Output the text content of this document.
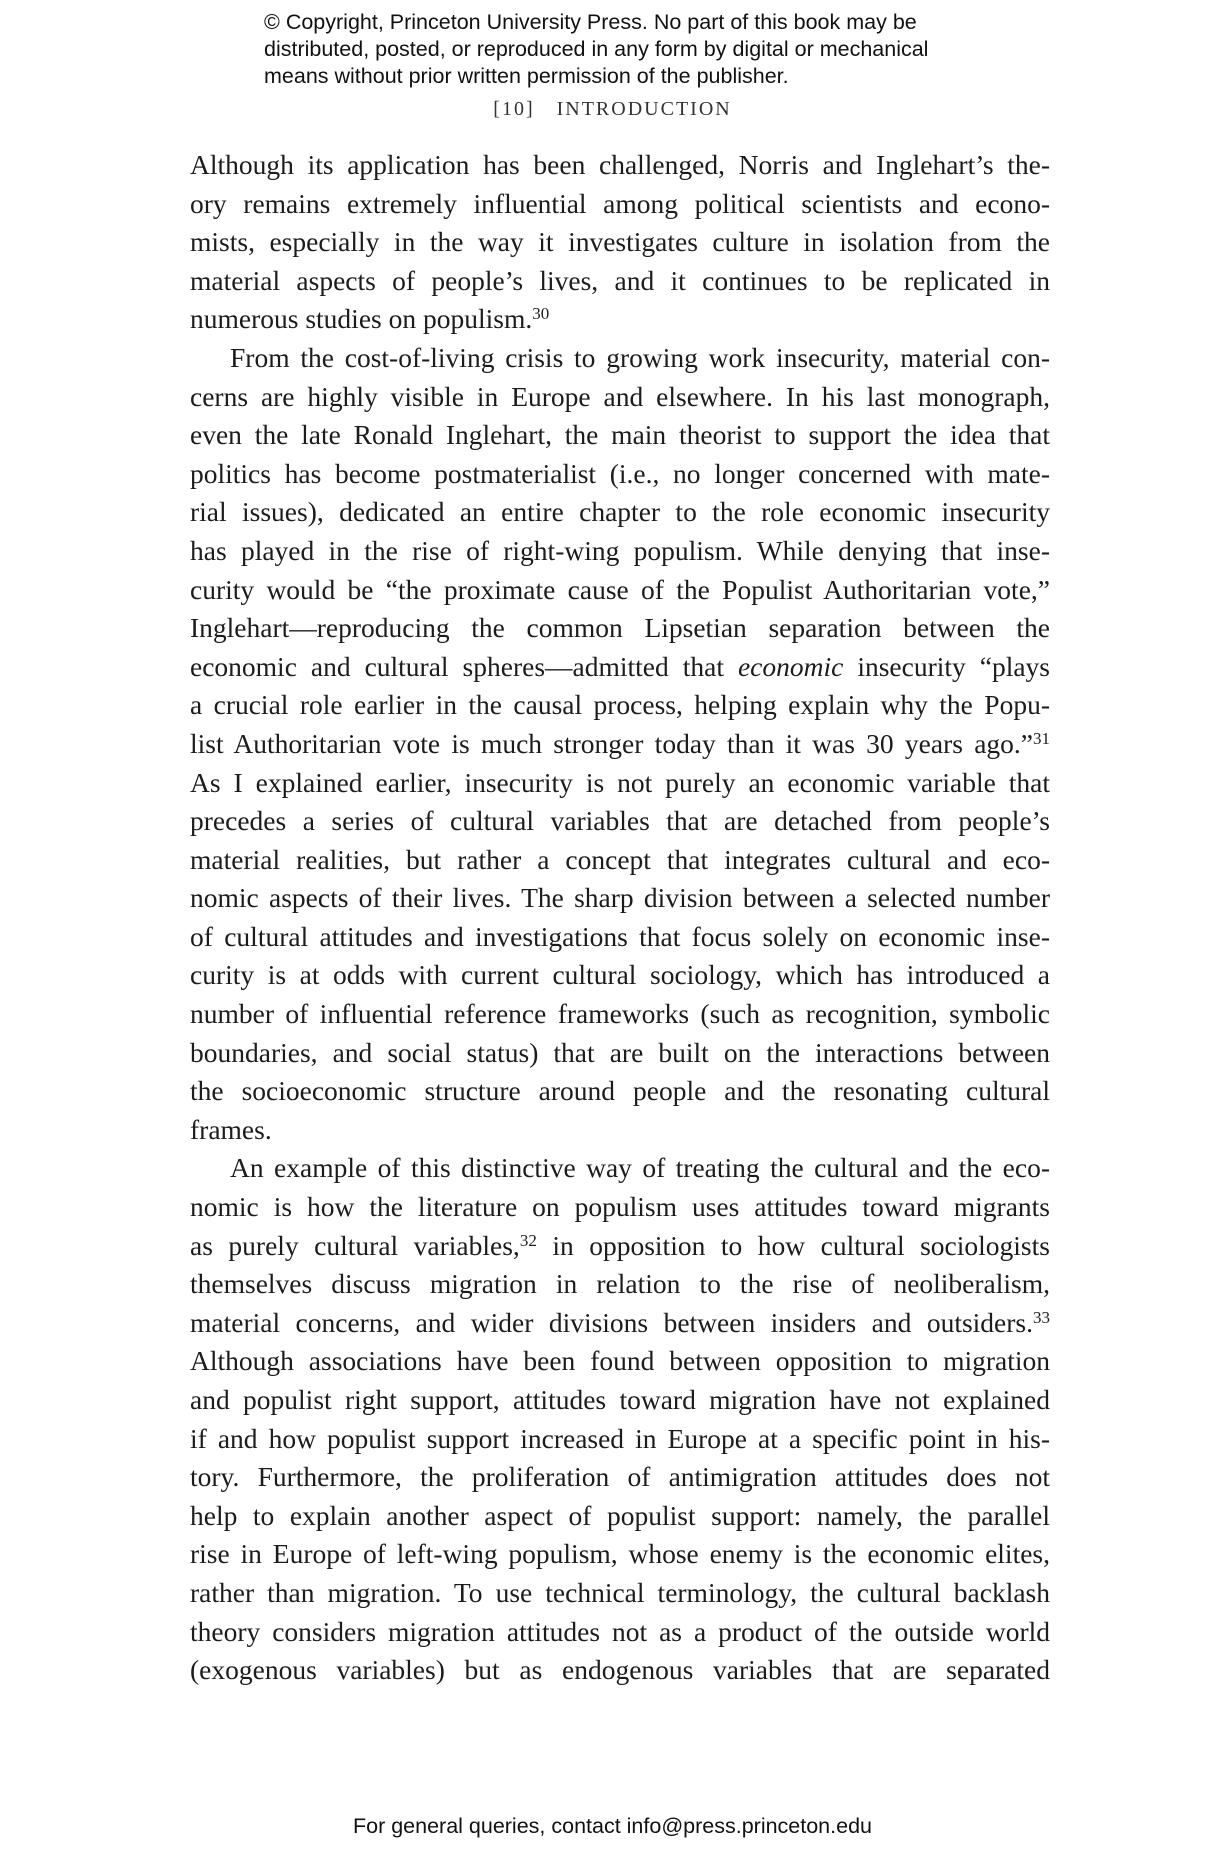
© Copyright, Princeton University Press. No part of this book may be
distributed, posted, or reproduced in any form by digital or mechanical
means without prior written permission of the publisher.
[10] INTRODUCTION
Although its application has been challenged, Norris and Inglehart’s the-
ory remains extremely influential among political scientists and econo-
mists, especially in the way it investigates culture in isolation from the
material aspects of people’s lives, and it continues to be replicated in
numerous studies on populism.$^{30}$
From the cost-of-living crisis to growing work insecurity, material con-
cerns are highly visible in Europe and elsewhere. In his last monograph,
even the late Ronald Inglehart, the main theorist to support the idea that
politics has become postmaterialist (i.e., no longer concerned with mate-
rial issues), dedicated an entire chapter to the role economic insecurity
has played in the rise of right-wing populism. While denying that inse-
curity would be “the proximate cause of the Populist Authoritarian vote,”
Inglehart—reproducing the common Lipsetian separation between the
economic and cultural spheres—admitted that economic insecurity “plays
a crucial role earlier in the causal process, helping explain why the Popu-
list Authoritarian vote is much stronger today than it was 30 years ago.”$^{31}$
As I explained earlier, insecurity is not purely an economic variable that
precedes a series of cultural variables that are detached from people’s
material realities, but rather a concept that integrates cultural and eco-
nomic aspects of their lives. The sharp division between a selected number
of cultural attitudes and investigations that focus solely on economic inse-
curity is at odds with current cultural sociology, which has introduced a
number of influential reference frameworks (such as recognition, symbolic
boundaries, and social status) that are built on the interactions between
the socioeconomic structure around people and the resonating cultural
frames.
An example of this distinctive way of treating the cultural and the eco-
nomic is how the literature on populism uses attitudes toward migrants
as purely cultural variables,$^{32}$ in opposition to how cultural sociologists
themselves discuss migration in relation to the rise of neoliberalism,
material concerns, and wider divisions between insiders and outsiders.$^{33}$
Although associations have been found between opposition to migration
and populist right support, attitudes toward migration have not explained
if and how populist support increased in Europe at a specific point in his-
tory. Furthermore, the proliferation of antimigration attitudes does not
help to explain another aspect of populist support: namely, the parallel
rise in Europe of left-wing populism, whose enemy is the economic elites,
rather than migration. To use technical terminology, the cultural backlash
theory considers migration attitudes not as a product of the outside world
(exogenous variables) but as endogenous variables that are separated
For general queries, contact info@press.princeton.edu
